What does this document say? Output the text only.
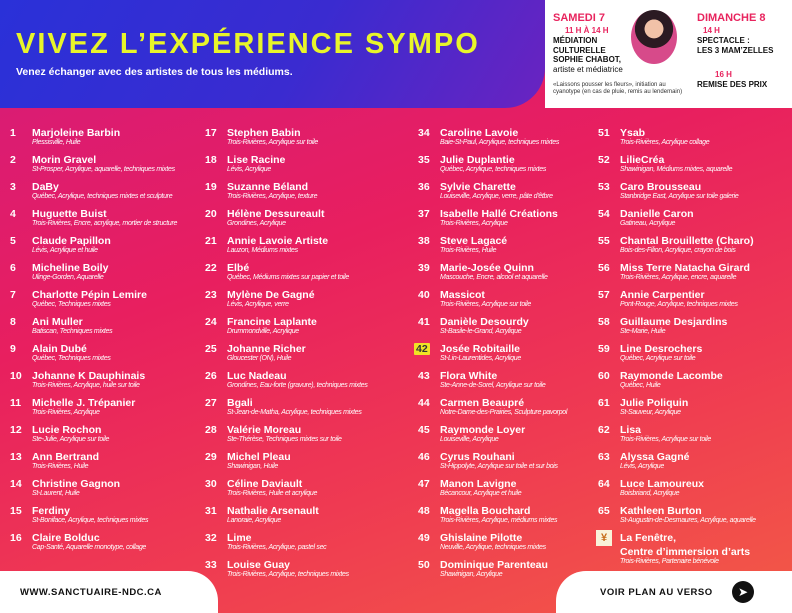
VIVEZ L’EXPÉRIENCE SYMPO
Venez échanger avec des artistes de tous les médiums.
SAMEDI 7
11 H À 14 H
MÉDIATION
CULTURELLE
SOPHIE CHABOT,
artiste et médiatrice
«Laissons pousser les fleurs», initiation au cyanotype (en cas de pluie, remis au lendemain)
DIMANCHE 8
14 H
SPECTACLE :
LES 3 MAM’ZELLES
16 H
REMISE DES PRIX
1	Marjoleine Barbin
Plessisville, Huile
2	Morin Gravel
St-Prosper, Acrylique, aquarelle, techniques mixtes
3	DaBy
Québec, Acrylique, techniques mixtes et sculpture
4	Huguette Buist
Trois-Rivières, Encre, acrylique, mortier de structure
5	Claude Papillon
Lévis, Acrylique et huile
6	Micheline Boily
Ulinge-Gorden, Aquarelle
7	Charlotte Pépin Lemire
Québec, Techniques mixtes
8	Ani Muller
Batiscan, Techniques mixtes
9	Alain Dubé
Québec, Techniques mixtes
10 Johanne K Dauphinais
Trois-Rivières, Acrylique, huile sur toile
11	Michelle J. Trépanier
Trois-Rivières, Acrylique
12 Lucie Rochon
Ste-Julie, Acrylique sur toile
13 Ann Bertrand
Trois-Rivières, Huile
14 Christine Gagnon
St-Laurent, Huile
15 Ferdiny
St-Boniface, Acrylique, techniques mixtes
16 Claire Bolduc
Cap-Santé, Aquarelle monotype, collage
17 Stephen Babin
Trois-Rivières, Acrylique sur toile
18 Lise Racine
Lévis, Acrylique
19 Suzanne Béland
Trois-Rivières, Acrylique, texture
20 Hélène Dessureault
Grondines, Acrylique
21 Annie Lavoie Artiste
Lauzon, Médiums mixtes
22 Elbé
Québec, Médiums mixtes sur papier et toile
23 Mylène De Gagné
Lévis, Acrylique, verre
24 Francine Laplante
Drummondville, Acrylique
25 Johanne Richer
Gloucester (ON), Huile
26 Luc Nadeau
Grondines, Eau-forte (gravure), techniques mixtes
27 Bgali
St-Jean-de-Matha, Acrylique, techniques mixtes
28 Valérie Moreau
Ste-Thérèse, Techniques mixtes sur toile
29 Michel Pleau
Shawinigan, Huile
30 Céline Daviault
Trois-Rivières, Huile et acrylique
31 Nathalie Arsenault
Lanoraie, Acrylique
32 Lime
Trois-Rivières, Acrylique, pastel sec
33 Louise Guay
Trois-Rivières, Acrylique, techniques mixtes
34 Caroline Lavoie
Baie-St-Paul, Acrylique, techniques mixtes
35 Julie Duplantie
Québec, Acrylique, techniques mixtes
36 Sylvie Charette
Louiseville, Acrylique, verre, pâte d'êtbre
37 Isabelle Hallé Créations
Trois-Rivières, Acrylique
38 Steve Lagacé
Trois-Rivières, Huile
39 Marie-Josée Quinn
Mascouche, Encre, alcool et aquarelle
40 Massicot
Trois-Rivières, Acrylique sur toile
41 Danièle Desourdy
St-Basile-le-Grand, Acrylique
42 Josée Robitaille
St-Lin-Laurentides, Acrylique
43 Flora White
Ste-Anne-de-Sorel, Acrylique sur toile
44 Carmen Beaupré
Notre-Dame-des-Prairies, Sculpture pavorpol
45 Raymonde Loyer
Louiseville, Acrylique
46 Cyrus Rouhani
St-Hippolyte, Acrylique sur toile et sur bois
47 Manon Lavigne
Bécancour, Acrylique et huile
48 Magella Bouchard
Trois-Rivières, Acrylique, médiums mixtes
49 Ghislaine Pilotte
Neuville, Acrylique, techniques mixtes
50 Dominique Parenteau
Shawinigan, Acrylique
51 Ysab
Trois-Rivières, Acrylique collage
52 LilieCréa
Shawinigan, Médiums mixtes, aquarelle
53 Caro Brousseau
Stanbridge East, Acrylique sur toile galerie
54 Danielle Caron
Gatineau, Acrylique
55 Chantal Brouillette (Charo)
Bois-des-Filion, Acrylique, crayon de bois
56 Miss Terre Natacha Girard
Trois-Rivières, Acrylique, encre, aquarelle
57 Annie Carpentier
Pont-Rouge, Acrylique, techniques mixtes
58 Guillaume Desjardins
Ste-Marie, Huile
59 Line Desrochers
Québec, Acrylique sur toile
60 Raymonde Lacombe
Québec, Huile
61 Julie Poliquin
St-Sauveur, Acrylique
62 Lisa
Trois-Rivières, Acrylique sur toile
63 Alyssa Gagné
Lévis, Acrylique
64 Luce Lamoureux
Boisbriand, Acrylique
65 Kathleen Burton
St-Augustin-de-Desmaures, Acrylique, aquarelle
¥	La Fenêtre,
Centre d’immersion d’arts
Trois-Rivières, Partenaire bénévole
WWW.SANCTUAIRE-NDC.CA	VOIR PLAN AU VERSO	➤
